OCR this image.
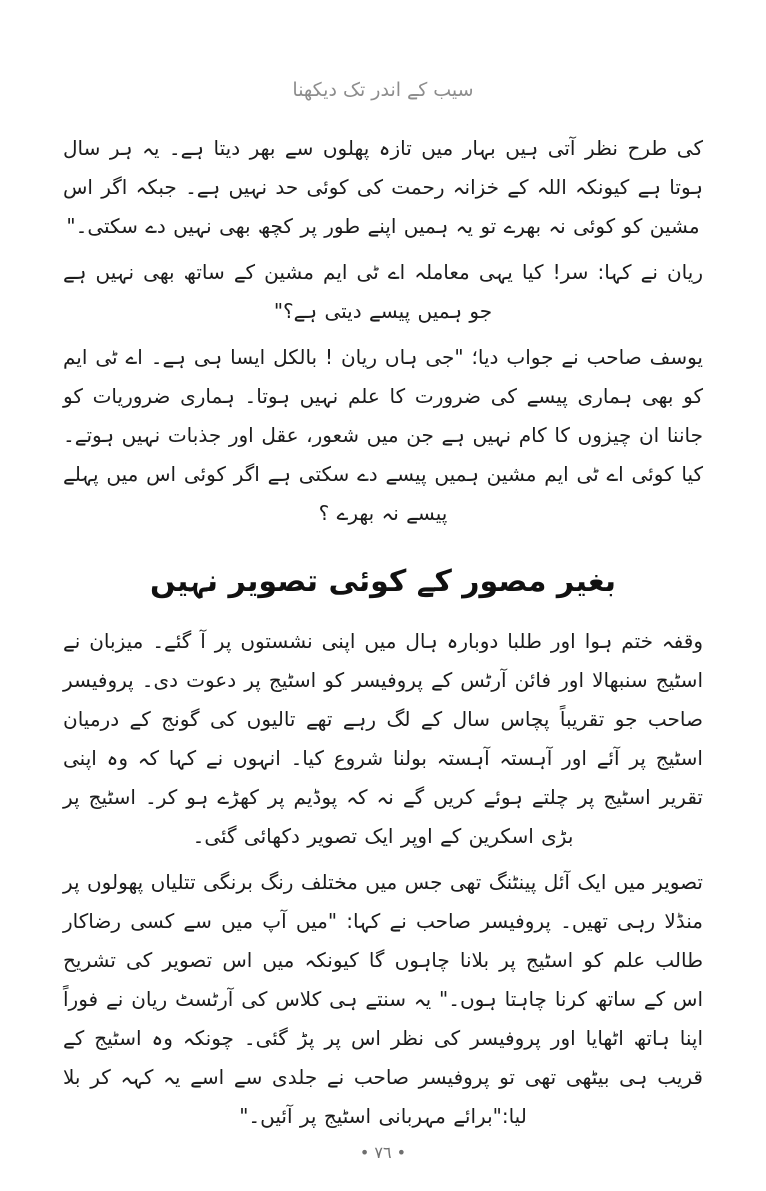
سیب کے اندر تک دیکھنا

کی طرح نظر آتی ہیں بہار میں تازہ پھلوں سے بھر دیتا ہے۔ یہ ہر سال ہوتا ہے کیونکہ اللہ کے خزانہ رحمت کی کوئی حد نہیں ہے۔ جبکہ اگر اس مشین کو کوئی نہ بھرے تو یہ ہمیں اپنے طور پر کچھ بھی نہیں دے سکتی۔"

ریان نے کہا: سر! کیا یہی معاملہ اے ٹی ایم مشین کے ساتھ بھی نہیں ہے جو ہمیں پیسے دیتی ہے؟"

یوسف صاحب نے جواب دیا؛ "جی ہاں ریان ! بالکل ایسا ہی ہے۔ اے ٹی ایم کو بھی ہماری پیسے کی ضرورت کا علم نہیں ہوتا۔ ہماری ضروریات کو جاننا ان چیزوں کا کام نہیں ہے جن میں شعور، عقل اور جذبات نہیں ہوتے۔ کیا کوئی اے ٹی ایم مشین ہمیں پیسے دے سکتی ہے اگر کوئی اس میں پہلے پیسے نہ بھرے ؟

بغیر مصور کے کوئی تصویر نہیں

وقفہ ختم ہوا اور طلبا دوبارہ ہال میں اپنی نشستوں پر آ گئے۔ میزبان نے اسٹیج سنبھالا اور فائن آرٹس کے پروفیسر کو اسٹیج پر دعوت دی۔ پروفیسر صاحب جو تقریباً پچاس سال کے لگ رہے تھے تالیوں کی گونج کے درمیان اسٹیج پر آئے اور آہستہ آہستہ بولنا شروع کیا۔ انہوں نے کہا کہ وہ اپنی تقریر اسٹیج پر چلتے ہوئے کریں گے نہ کہ پوڈیم پر کھڑے ہو کر۔ اسٹیج پر بڑی اسکرین کے اوپر ایک تصویر دکھائی گئی۔

تصویر میں ایک آئل پینٹنگ تھی جس میں مختلف رنگ برنگی تتلیاں پھولوں پر منڈلا رہی تھیں۔ پروفیسر صاحب نے کہا: "میں آپ میں سے کسی رضاکار طالب علم کو اسٹیج پر بلانا چاہوں گا کیونکہ میں اس تصویر کی تشریح اس کے ساتھ کرنا چاہتا ہوں۔" یہ سنتے ہی کلاس کی آرٹسٹ ریان نے فوراً اپنا ہاتھ اٹھایا اور پروفیسر کی نظر اس پر پڑ گئی۔ چونکہ وہ اسٹیج کے قریب ہی بیٹھی تھی تو پروفیسر صاحب نے جلدی سے اسے یہ کہہ کر بلا لیا:"برائے مہربانی اسٹیج پر آئیں۔"

• ٧٦ •
